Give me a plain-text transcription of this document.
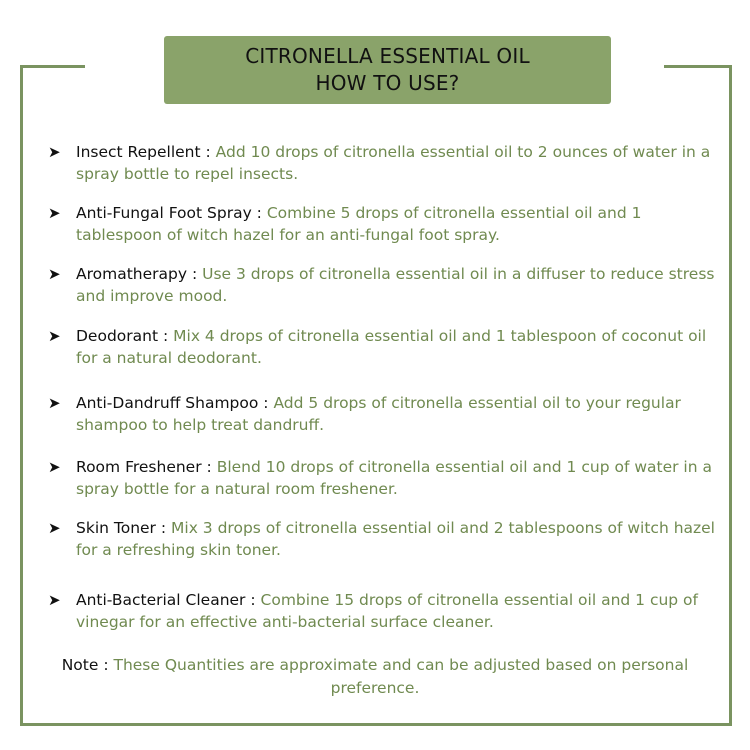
CITRONELLA ESSENTIAL OIL
HOW TO USE?
➤ Insect Repellent : Add 10 drops of citronella essential oil to 2 ounces of water in a spray bottle to repel insects.
➤ Anti-Fungal Foot Spray : Combine 5 drops of citronella essential oil and 1 tablespoon of witch hazel for an anti-fungal foot spray.
➤ Aromatherapy : Use 3 drops of citronella essential oil in a diffuser to reduce stress and improve mood.
➤ Deodorant : Mix 4 drops of citronella essential oil and 1 tablespoon of coconut oil for a natural deodorant.
➤ Anti-Dandruff Shampoo : Add 5 drops of citronella essential oil to your regular shampoo to help treat dandruff.
➤ Room Freshener : Blend 10 drops of citronella essential oil and 1 cup of water in a spray bottle for a natural room freshener.
➤ Skin Toner : Mix 3 drops of citronella essential oil and 2 tablespoons of witch hazel for a refreshing skin toner.
➤ Anti-Bacterial Cleaner : Combine 15 drops of citronella essential oil and 1 cup of vinegar for an effective anti-bacterial surface cleaner.
Note : These Quantities are approximate and can be adjusted based on personal preference.
